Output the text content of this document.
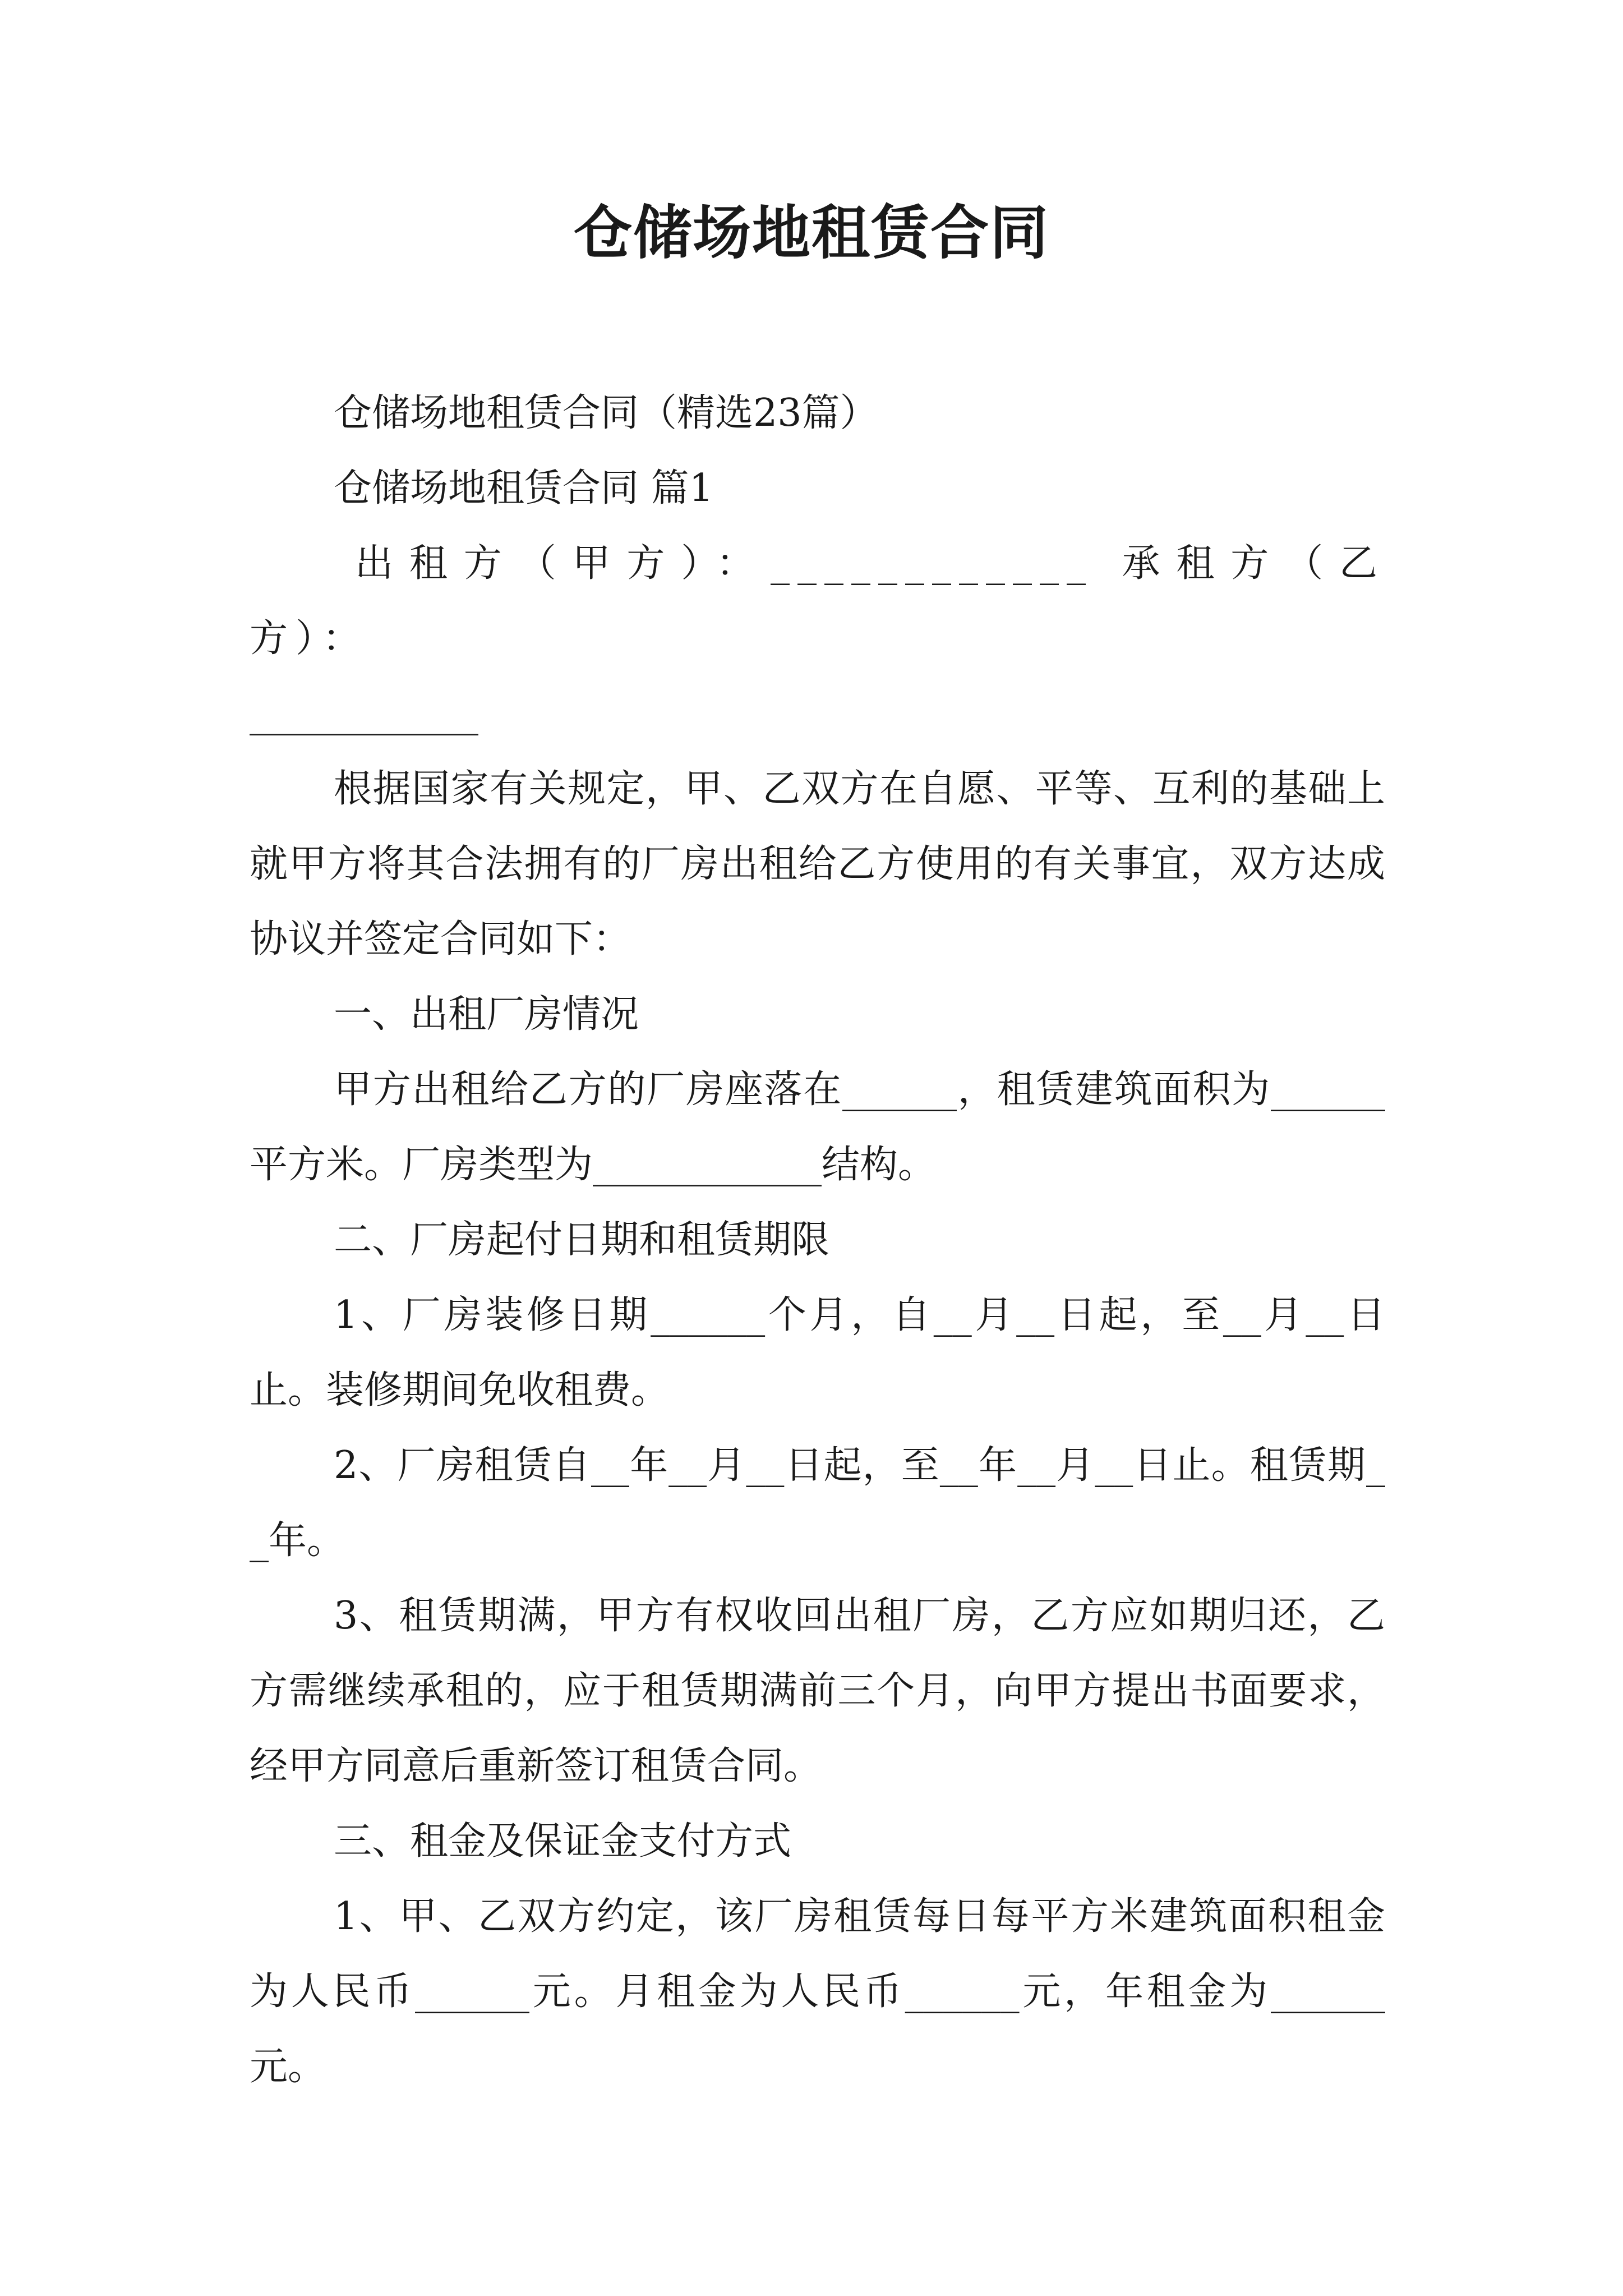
仓储场地租赁合同

仓储场地租赁合同（精选23篇）

仓储场地租赁合同 篇1

出租方（甲方）：____________ 承租方（乙方）：

____________

根据国家有关规定，甲、乙双方在自愿、平等、互利的基础上就甲方将其合法拥有的厂房出租给乙方使用的有关事宜，双方达成协议并签定合同如下：

一、出租厂房情况

甲方出租给乙方的厂房座落在______，租赁建筑面积为______平方米。厂房类型为____________结构。

二、厂房起付日期和租赁期限

1、厂房装修日期______个月，自__月__日起，至__月__日止。装修期间免收租费。

2、厂房租赁自__年__月__日起，至__年__月__日止。租赁期__年。

3、租赁期满，甲方有权收回出租厂房，乙方应如期归还，乙方需继续承租的，应于租赁期满前三个月，向甲方提出书面要求，经甲方同意后重新签订租赁合同。

三、租金及保证金支付方式

1、甲、乙双方约定，该厂房租赁每日每平方米建筑面积租金为人民币______元。月租金为人民币______元，年租金为______元。
